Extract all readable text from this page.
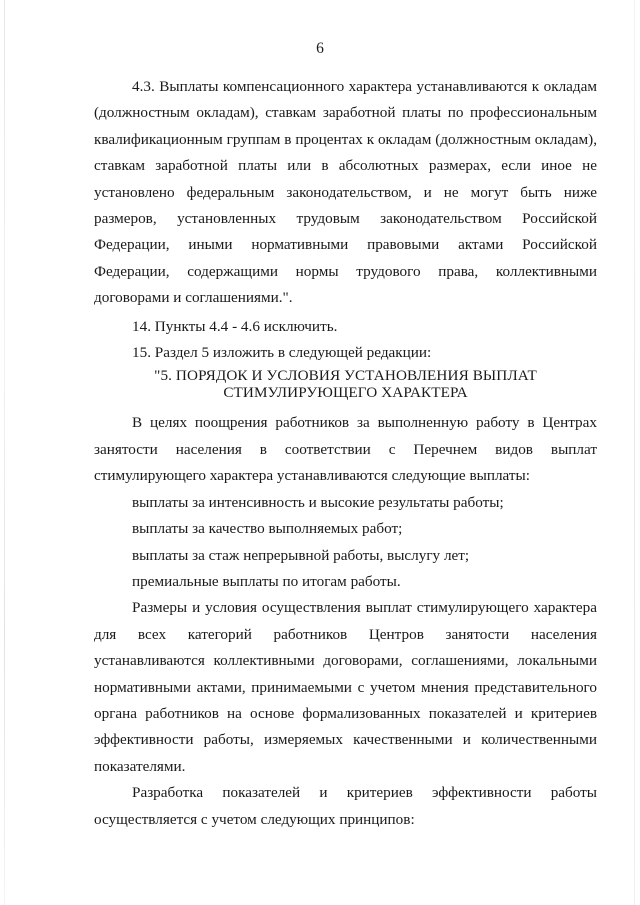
6

4.3. Выплаты компенсационного характера устанавливаются к окладам (должностным окладам), ставкам заработной платы по профессиональным квалификационным группам в процентах к окладам (должностным окладам), ставкам заработной платы или в абсолютных размерах, если иное не установлено федеральным законодательством, и не могут быть ниже размеров, установленных трудовым законодательством Российской Федерации, иными нормативными правовыми актами Российской Федерации, содержащими нормы трудового права, коллективными договорами и соглашениями.".

14. Пункты 4.4 - 4.6 исключить.

15. Раздел 5 изложить в следующей редакции:

"5. ПОРЯДОК И УСЛОВИЯ УСТАНОВЛЕНИЯ ВЫПЛАТ
СТИМУЛИРУЮЩЕГО ХАРАКТЕРА

В целях поощрения работников за выполненную работу в Центрах занятости населения в соответствии с Перечнем видов выплат стимулирующего характера устанавливаются следующие выплаты:

выплаты за интенсивность и высокие результаты работы;

выплаты за качество выполняемых работ;

выплаты за стаж непрерывной работы, выслугу лет;

премиальные выплаты по итогам работы.

Размеры и условия осуществления выплат стимулирующего характера для всех категорий работников Центров занятости населения устанавливаются коллективными договорами, соглашениями, локальными нормативными актами, принимаемыми с учетом мнения представительного органа работников на основе формализованных показателей и критериев эффективности работы, измеряемых качественными и количественными показателями.

Разработка показателей и критериев эффективности работы осуществляется с учетом следующих принципов:
